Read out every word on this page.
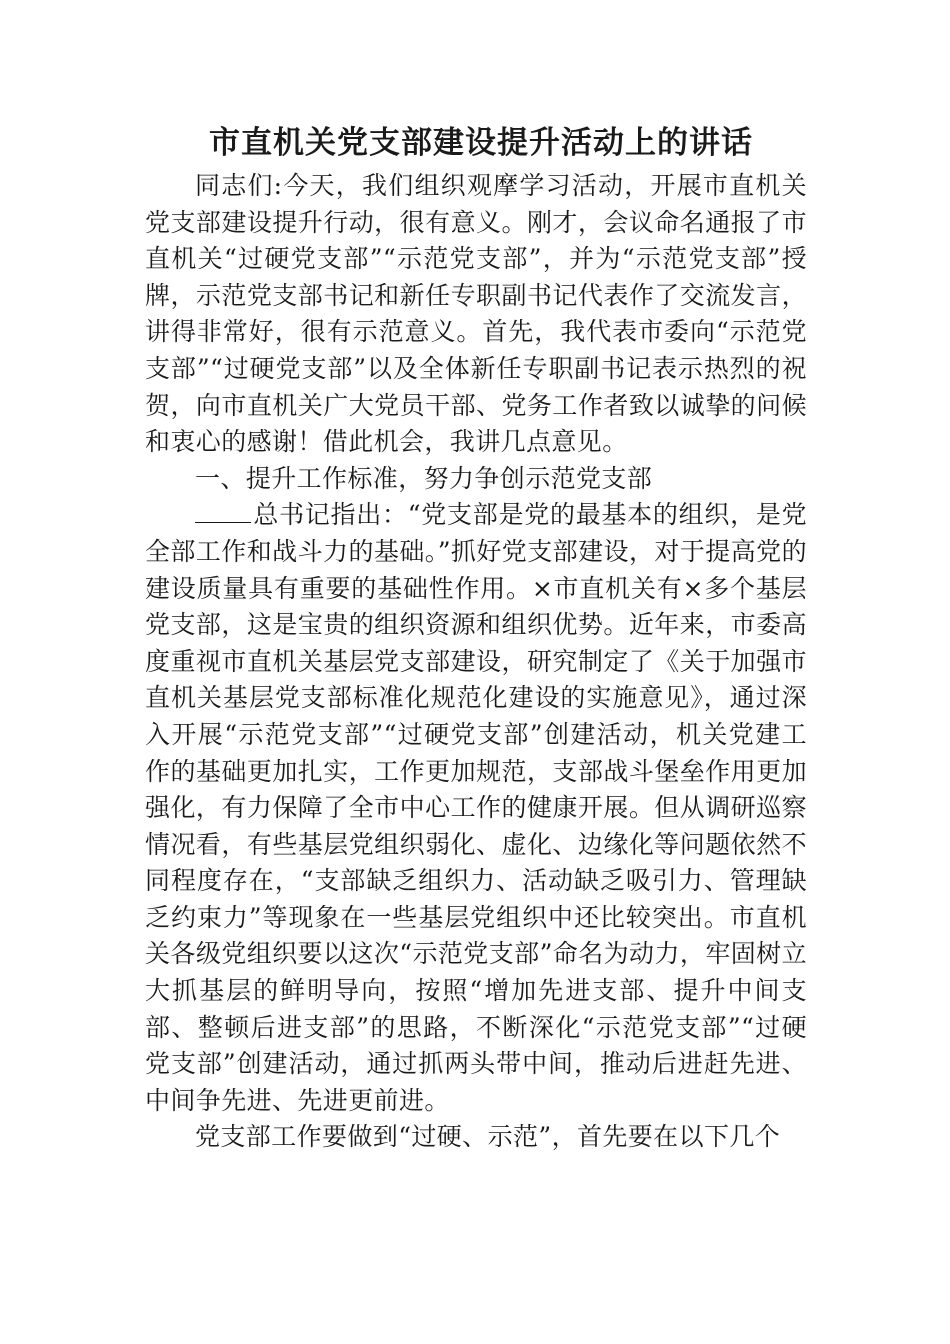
市直机关党支部建设提升活动上的讲话

同志们:今天，我们组织观摩学习活动，开展市直机关党支部建设提升行动，很有意义。刚才，会议命名通报了市直机关“过硬党支部”“示范党支部”，并为“示范党支部”授牌，示范党支部书记和新任专职副书记代表作了交流发言，讲得非常好，很有示范意义。首先，我代表市委向“示范党支部”“过硬党支部”以及全体新任专职副书记表示热烈的祝贺，向市直机关广大党员干部、党务工作者致以诚挚的问候和衷心的感谢！借此机会，我讲几点意见。

一、提升工作标准，努力争创示范党支部

总书记指出：“党支部是党的最基本的组织，是党全部工作和战斗力的基础。”抓好党支部建设，对于提高党的建设质量具有重要的基础性作用。×市直机关有×多个基层党支部，这是宝贵的组织资源和组织优势。近年来，市委高度重视市直机关基层党支部建设，研究制定了《关于加强市直机关基层党支部标准化规范化建设的实施意见》，通过深入开展“示范党支部”“过硬党支部”创建活动，机关党建工作的基础更加扎实，工作更加规范，支部战斗堡垒作用更加强化，有力保障了全市中心工作的健康开展。但从调研巡察情况看，有些基层党组织弱化、虚化、边缘化等问题依然不同程度存在，“支部缺乏组织力、活动缺乏吸引力、管理缺乏约束力”等现象在一些基层党组织中还比较突出。市直机关各级党组织要以这次“示范党支部”命名为动力，牢固树立大抓基层的鲜明导向，按照“增加先进支部、提升中间支部、整顿后进支部”的思路，不断深化“示范党支部”“过硬党支部”创建活动，通过抓两头带中间，推动后进赶先进、中间争先进、先进更前进。

党支部工作要做到“过硬、示范”，首先要在以下几个
